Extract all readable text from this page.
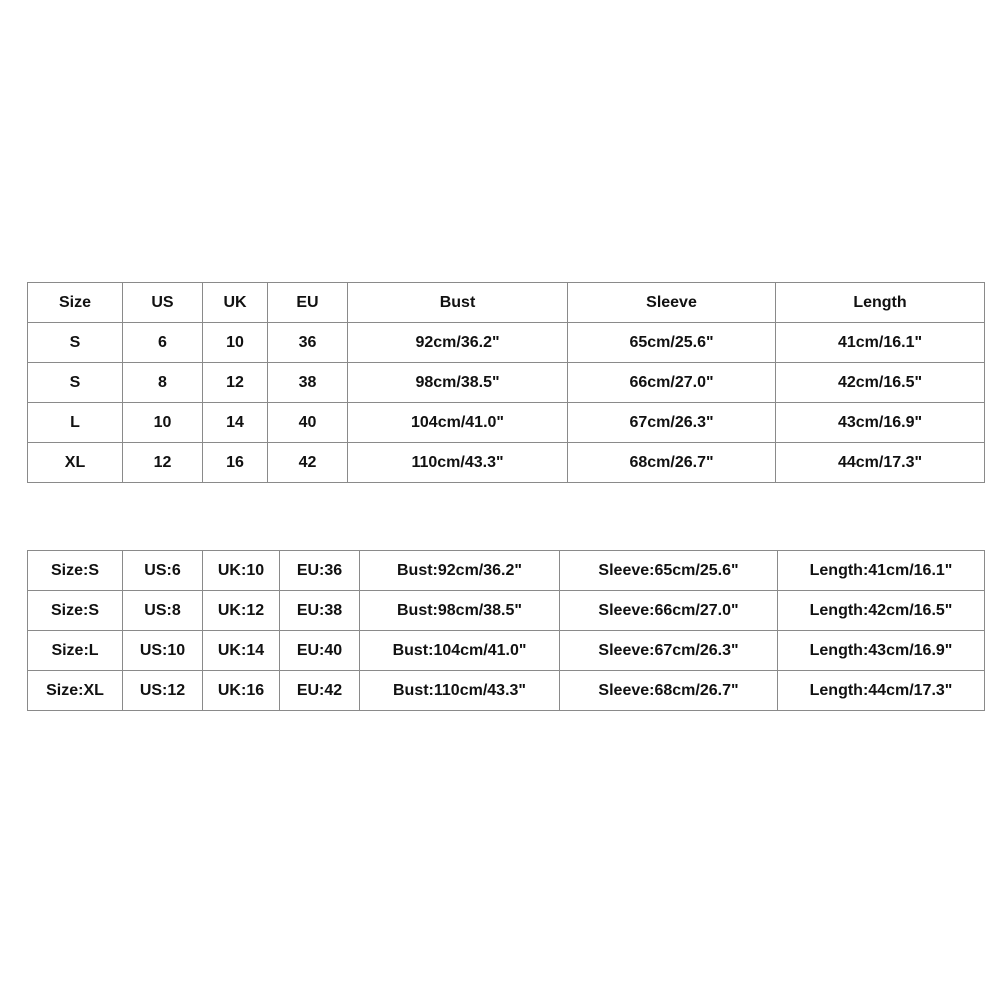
Size	US	UK	EU	Bust	Sleeve	Length
S	6	10	36	92cm/36.2"	65cm/25.6"	41cm/16.1"
S	8	12	38	98cm/38.5"	66cm/27.0"	42cm/16.5"
L	10	14	40	104cm/41.0"	67cm/26.3"	43cm/16.9"
XL	12	16	42	110cm/43.3"	68cm/26.7"	44cm/17.3"
Size:S	US:6	UK:10	EU:36	Bust:92cm/36.2"	Sleeve:65cm/25.6"	Length:41cm/16.1"
Size:S	US:8	UK:12	EU:38	Bust:98cm/38.5"	Sleeve:66cm/27.0"	Length:42cm/16.5"
Size:L	US:10	UK:14	EU:40	Bust:104cm/41.0"	Sleeve:67cm/26.3"	Length:43cm/16.9"
Size:XL	US:12	UK:16	EU:42	Bust:110cm/43.3"	Sleeve:68cm/26.7"	Length:44cm/17.3"
